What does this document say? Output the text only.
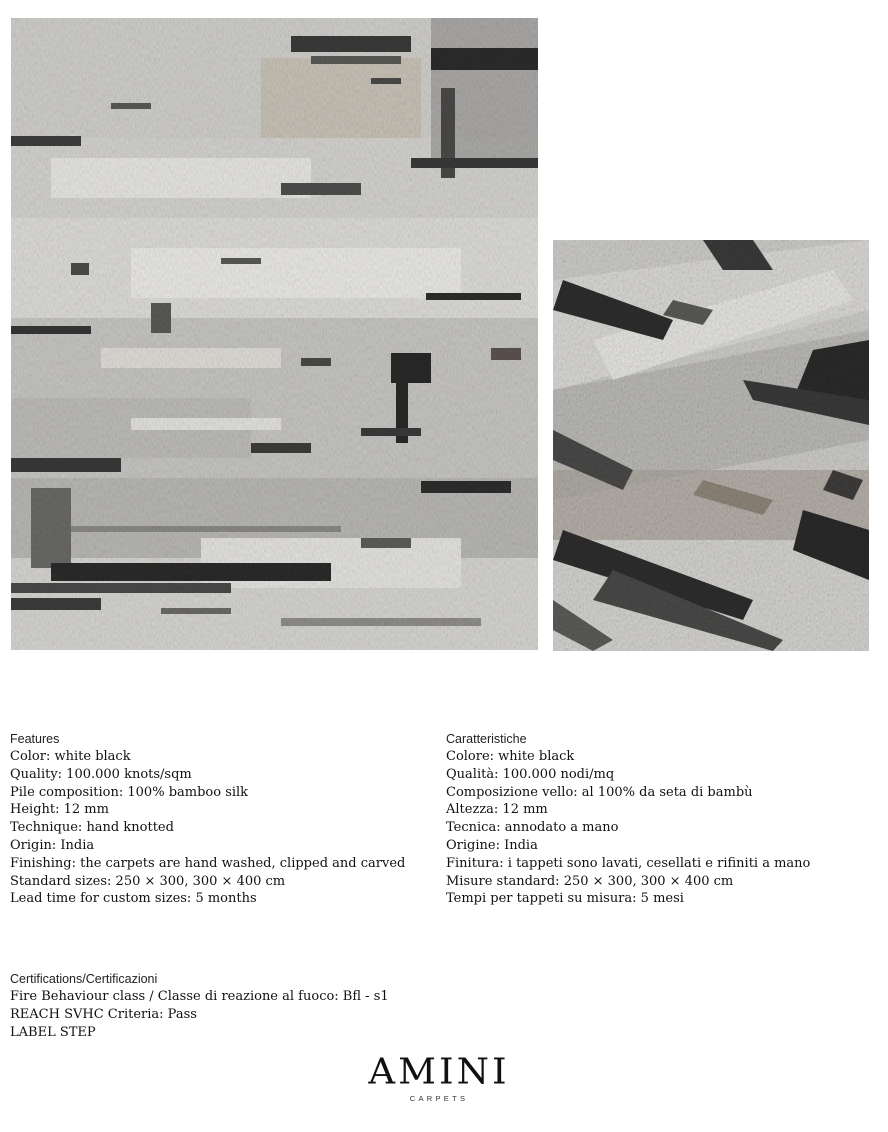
Features
Color: white black
Quality: 100.000 knots/sqm
Pile composition: 100% bamboo silk
Height: 12 mm
Technique: hand knotted
Origin: India
Finishing: the carpets are hand washed, clipped and carved
Standard sizes: 250 × 300, 300 × 400 cm
Lead time for custom sizes: 5 months
Caratteristiche
Colore: white black
Qualità: 100.000 nodi/mq
Composizione vello: al 100% da seta di bambù
Altezza: 12 mm
Tecnica: annodato a mano
Origine: India
Finitura: i tappeti sono lavati, cesellati e rifiniti a mano
Misure standard: 250 × 300, 300 × 400 cm
Tempi per tappeti su misura: 5 mesi
Certifications/Certificazioni
Fire Behaviour class / Classe di reazione al fuoco: Bfl - s1
REACH SVHC Criteria: Pass
LABEL STEP
AMINI
CARPETS
